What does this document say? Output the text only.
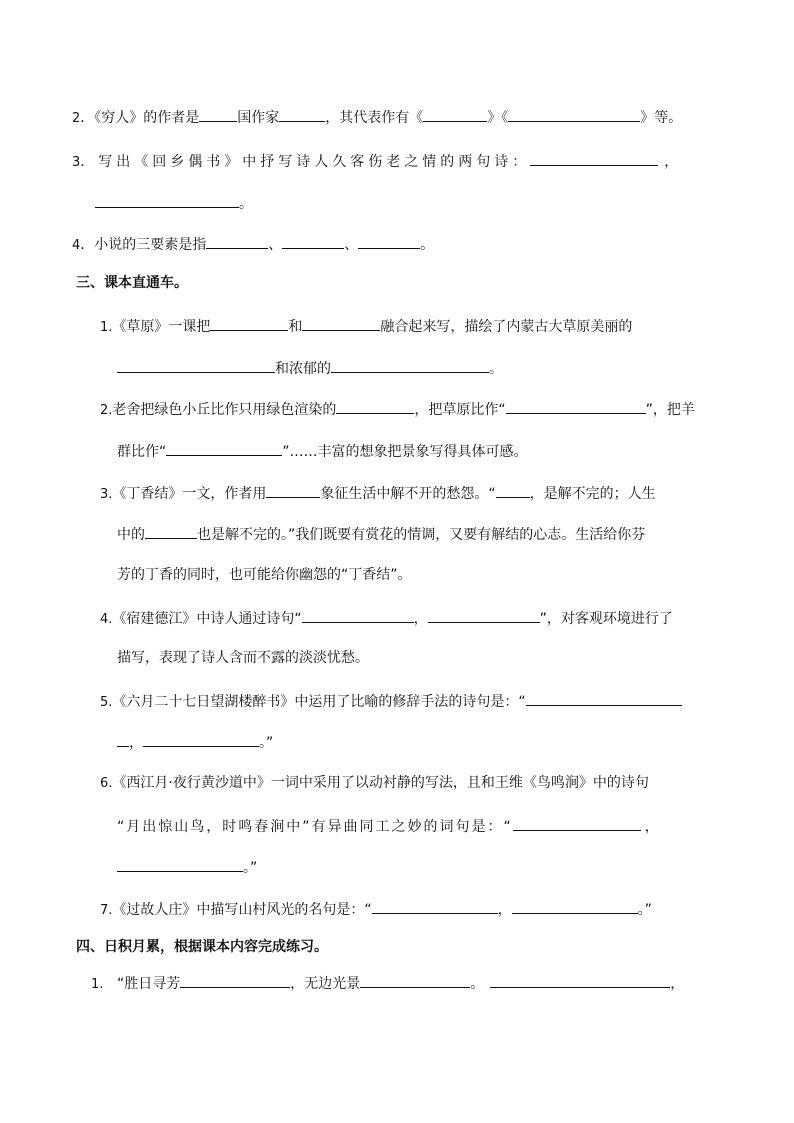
2．《穷人》的作者是	国作家	，其代表作有《	》《	》等。
3．写出《回乡偶书》中抒写诗人久客伤老之情的两句诗：	，
。
4．小说的三要素是指	、	、	。
三、课本直通车。
1.《草原》一课把	和	融合起来写，描绘了内蒙古大草原美丽的
和浓郁的	。
2.老舍把绿色小丘比作只用绿色渲染的	，把草原比作“	”，把羊
群比作“	”……丰富的想象把景象写得具体可感。
3.《丁香结》一文，作者用	象征生活中解不开的愁怨。“ ，是解不完的；人生
中的	也是解不完的。”我们既要有赏花的情调，又要有解结的心志。生活给你芬
芳的丁香的同时，也可能给你幽怨的“丁香结”。
4.《宿建德江》中诗人通过诗句“	，	”，对客观环境进行了
描写，表现了诗人含而不露的淡淡忧愁。
5.《六月二十七日望湖楼醉书》中运用了比喻的修辞手法的诗句是：“
，	。”
6.《西江月·夜行黄沙道中》一词中采用了以动衬静的写法，且和王维《鸟鸣涧》中的诗句
“月出惊山鸟，时鸣春涧中”有异曲同工之妙的词句是：“	，
。”
7.《过故人庄》中描写山村风光的名句是：“	，	。”
四、日积月累，根据课本内容完成练习。
1. “胜日寻芳	，无边光景	。	，
